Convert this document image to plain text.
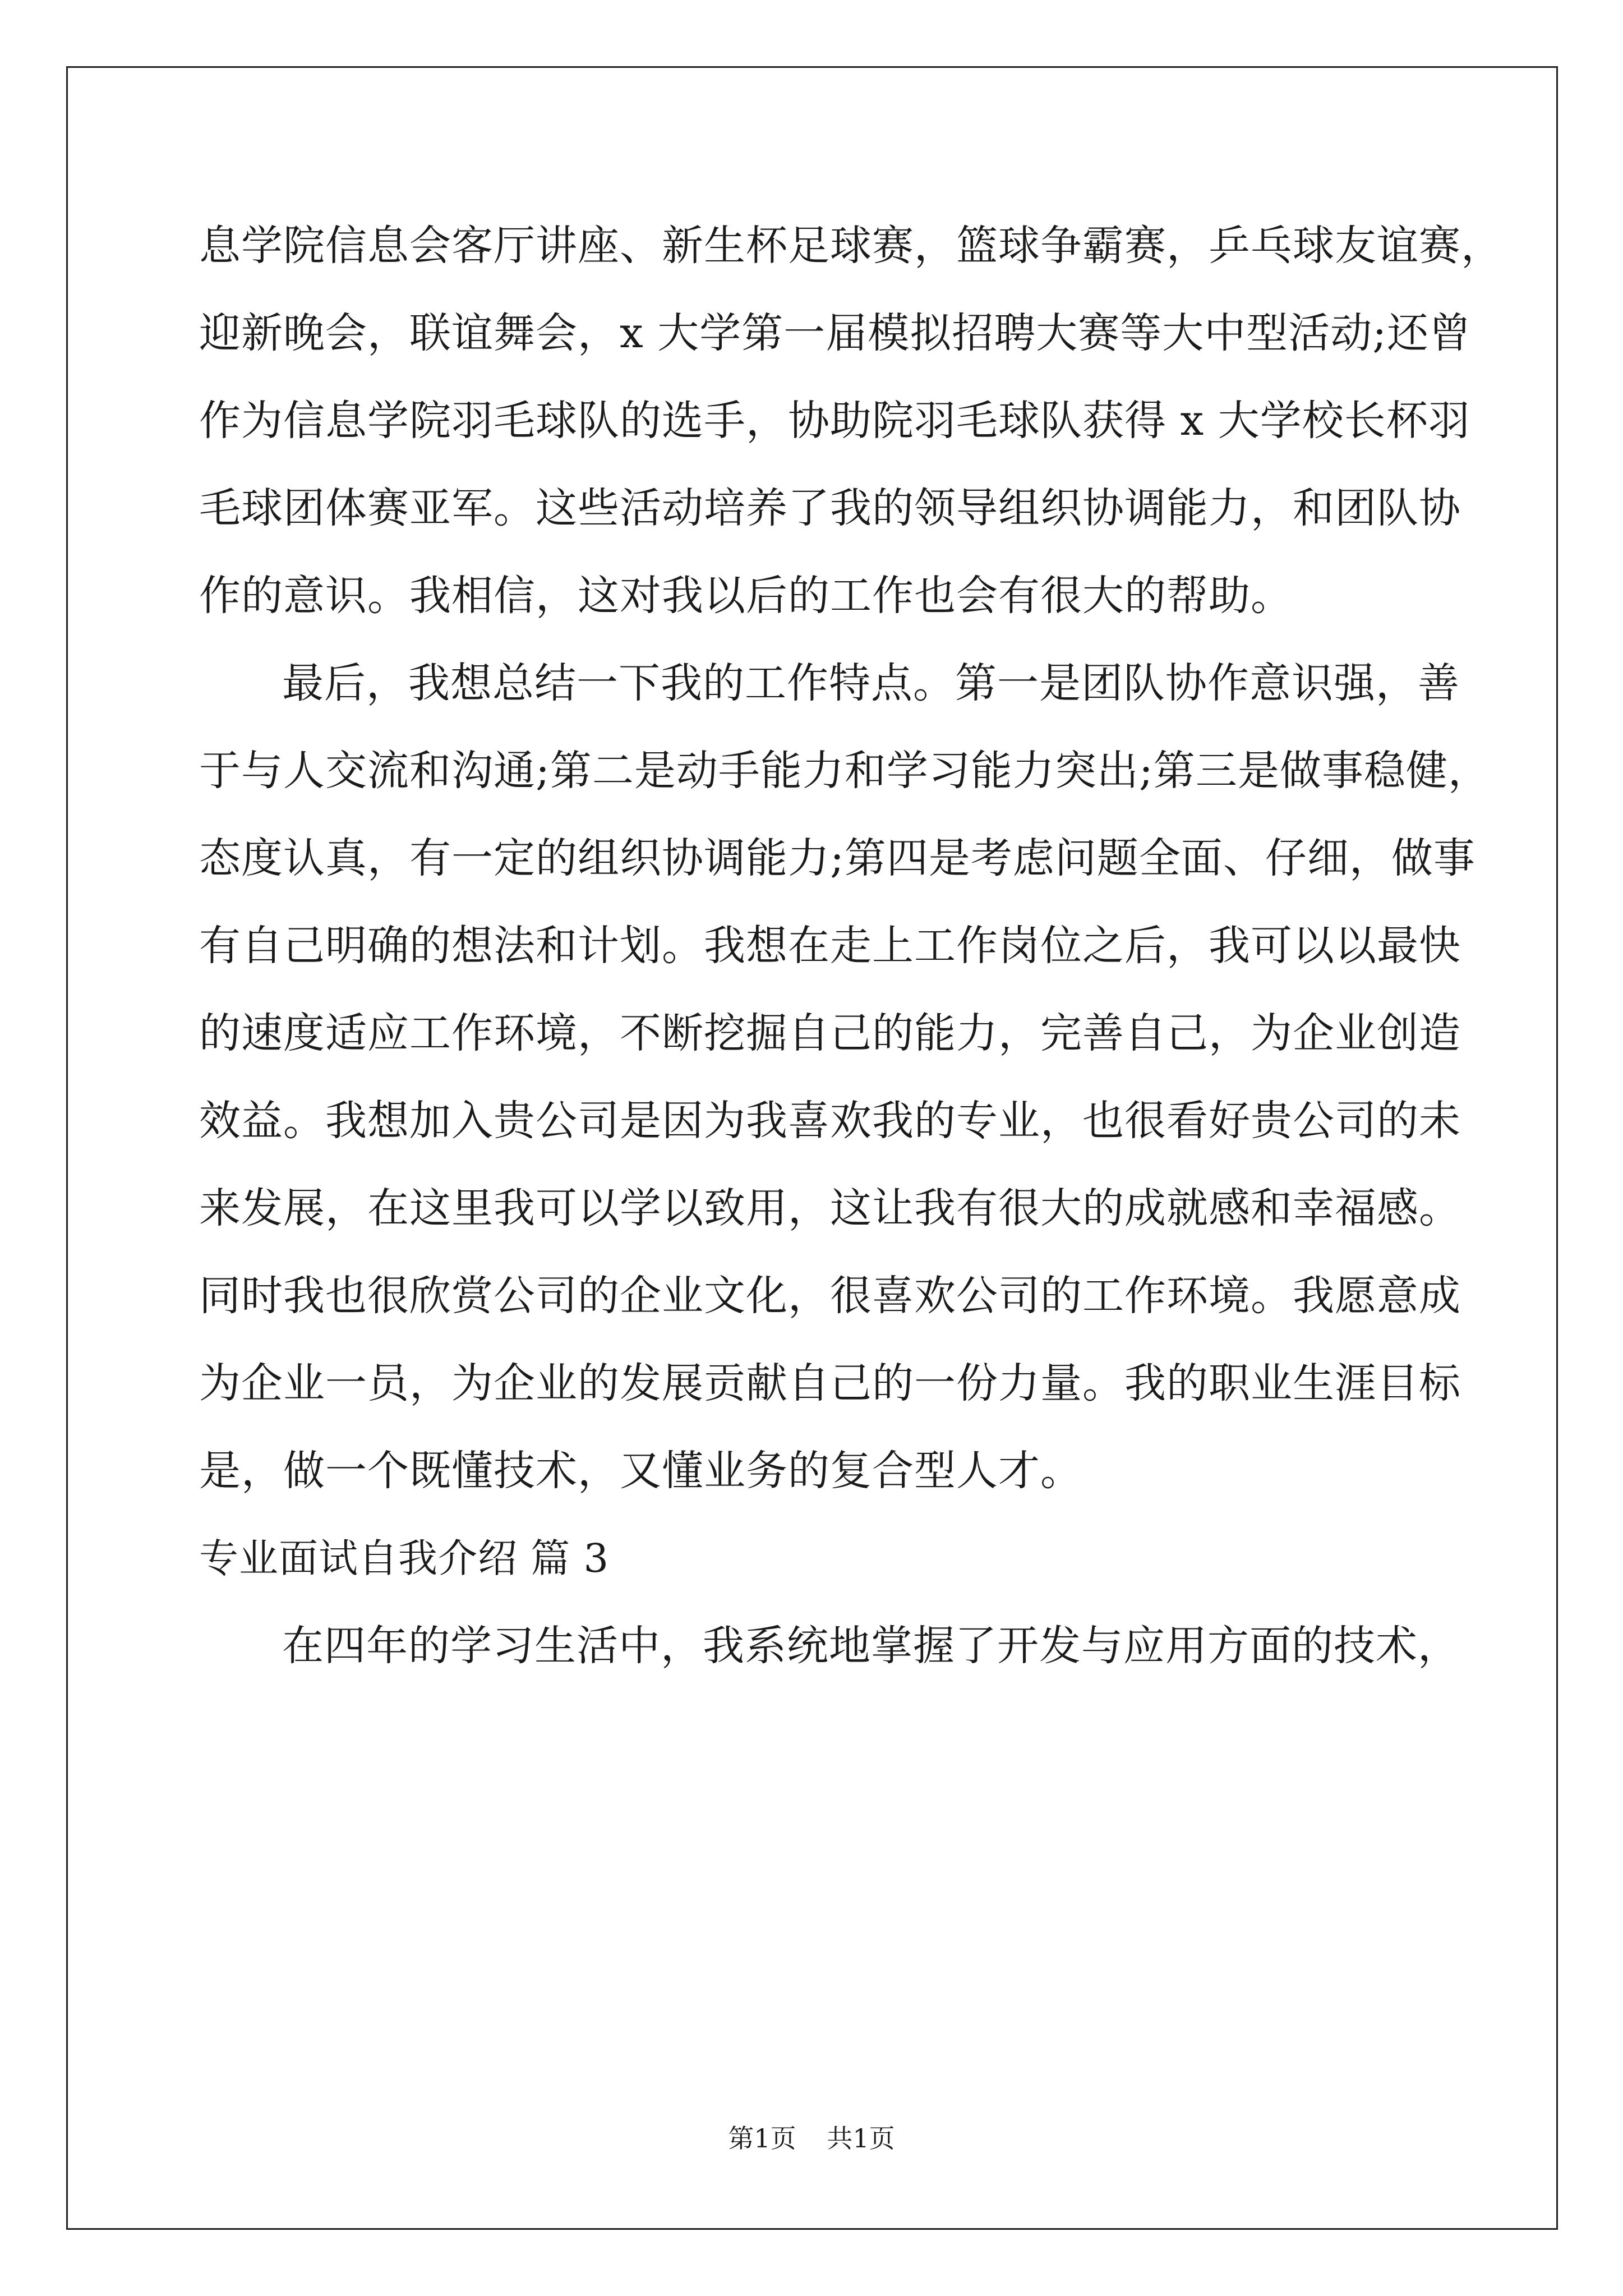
息学院信息会客厅讲座、新生杯足球赛，篮球争霸赛，乒乓球友谊赛，
迎新晚会，联谊舞会，x 大学第一届模拟招聘大赛等大中型活动;还曾
作为信息学院羽毛球队的选手，协助院羽毛球队获得 x 大学校长杯羽
毛球团体赛亚军。这些活动培养了我的领导组织协调能力，和团队协
作的意识。我相信，这对我以后的工作也会有很大的帮助。
最后，我想总结一下我的工作特点。第一是团队协作意识强，善
于与人交流和沟通;第二是动手能力和学习能力突出;第三是做事稳健，
态度认真，有一定的组织协调能力;第四是考虑问题全面、仔细，做事
有自己明确的想法和计划。我想在走上工作岗位之后，我可以以最快
的速度适应工作环境，不断挖掘自己的能力，完善自己，为企业创造
效益。我想加入贵公司是因为我喜欢我的专业，也很看好贵公司的未
来发展，在这里我可以学以致用，这让我有很大的成就感和幸福感。
同时我也很欣赏公司的企业文化，很喜欢公司的工作环境。我愿意成
为企业一员，为企业的发展贡献自己的一份力量。我的职业生涯目标
是，做一个既懂技术，又懂业务的复合型人才。
专业面试自我介绍 篇 3
在四年的学习生活中，我系统地掌握了开发与应用方面的技术，
第1页 共1页
